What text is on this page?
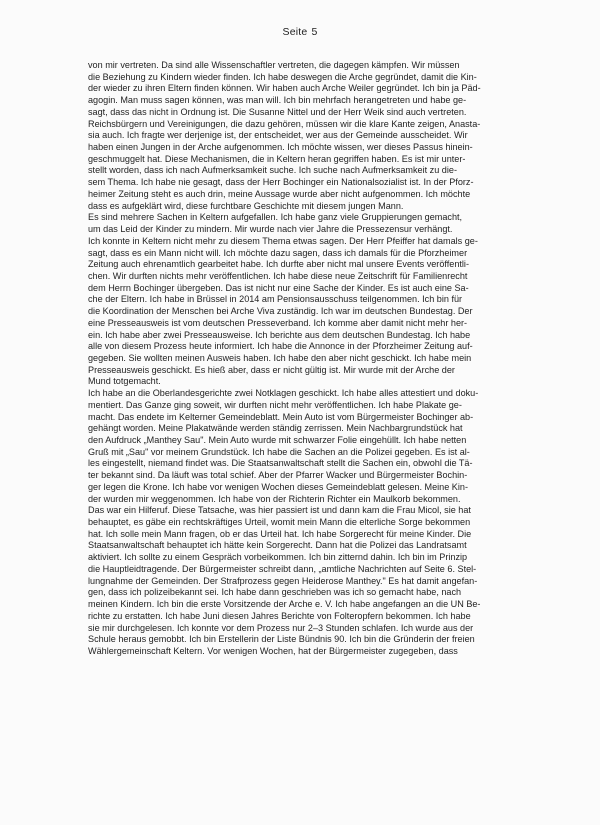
Seite 5
von mir vertreten. Da sind alle Wissenschaftler vertreten, die dagegen kämpfen. Wir müssen
die Beziehung zu Kindern wieder finden. Ich habe deswegen die Arche gegründet, damit die Kin-
der wieder zu ihren Eltern finden können. Wir haben auch Arche Weiler gegründet. Ich bin ja Päd-
agogin. Man muss sagen können, was man will. Ich bin mehrfach herangetreten und habe ge-
sagt, dass das nicht in Ordnung ist. Die Susanne Nittel und der Herr Weik sind auch vertreten.
Reichsbürgern und Vereinigungen, die dazu gehören, müssen wir die klare Kante zeigen, Anasta-
sia auch. Ich fragte wer derjenige ist, der entscheidet, wer aus der Gemeinde ausscheidet. Wir
haben einen Jungen in der Arche aufgenommen. Ich möchte wissen, wer dieses Passus hinein-
geschmuggelt hat. Diese Mechanismen, die in Keltern heran gegriffen haben. Es ist mir unter-
stellt worden, dass ich nach Aufmerksamkeit suche. Ich suche nach Aufmerksamkeit zu die-
sem Thema. Ich habe nie gesagt, dass der Herr Bochinger ein Nationalsozialist ist. In der Pforz-
heimer Zeitung steht es auch drin, meine Aussage wurde aber nicht aufgenommen. Ich möchte
dass es aufgeklärt wird, diese furchtbare Geschichte mit diesem jungen Mann.
Es sind mehrere Sachen in Keltern aufgefallen. Ich habe ganz viele Gruppierungen gemacht,
um das Leid der Kinder zu mindern. Mir wurde nach vier Jahre die Pressezensur verhängt.
Ich konnte in Keltern nicht mehr zu diesem Thema etwas sagen. Der Herr Pfeiffer hat damals ge-
sagt, dass es ein Mann nicht will. Ich möchte dazu sagen, dass ich damals für die Pforzheimer
Zeitung auch ehrenamtlich gearbeitet habe. Ich durfte aber nicht mal unsere Events veröffentli-
chen. Wir durften nichts mehr veröffentlichen. Ich habe diese neue Zeitschrift für Familienrecht
dem Herrn Bochinger übergeben. Das ist nicht nur eine Sache der Kinder. Es ist auch eine Sa-
che der Eltern. Ich habe in Brüssel in 2014 am Pensionsausschuss teilgenommen. Ich bin für
die Koordination der Menschen bei Arche Viva zuständig. Ich war im deutschen Bundestag. Der
eine Presseausweis ist vom deutschen Presseverband. Ich komme aber damit nicht mehr her-
ein. Ich habe aber zwei Presseausweise. Ich berichte aus dem deutschen Bundestag. Ich habe
alle von diesem Prozess heute informiert. Ich habe die Annonce in der Pforzheimer Zeitung auf-
gegeben. Sie wollten meinen Ausweis haben. Ich habe den aber nicht geschickt. Ich habe mein
Presseausweis geschickt. Es hieß aber, dass er nicht gültig ist. Mir wurde mit der Arche der
Mund totgemacht.
Ich habe an die Oberlandesgerichte zwei Notklagen geschickt. Ich habe alles attestiert und doku-
mentiert. Das Ganze ging soweit, wir durften nicht mehr veröffentlichen. Ich habe Plakate ge-
macht. Das endete im Kelterner Gemeindeblatt. Mein Auto ist vom Bürgermeister Bochinger ab-
gehängt worden. Meine Plakatwände werden ständig zerrissen. Mein Nachbargrundstück hat
den Aufdruck „Manthey Sau". Mein Auto wurde mit schwarzer Folie eingehüllt. Ich habe netten
Gruß mit „Sau" vor meinem Grundstück. Ich habe die Sachen an die Polizei gegeben. Es ist al-
les eingestellt, niemand findet was. Die Staatsanwaltschaft stellt die Sachen ein, obwohl die Tä-
ter bekannt sind. Da läuft was total schief. Aber der Pfarrer Wacker und Bürgermeister Bochin-
ger legen die Krone. Ich habe vor wenigen Wochen dieses Gemeindeblatt gelesen. Meine Kin-
der wurden mir weggenommen. Ich habe von der Richterin Richter ein Maulkorb bekommen.
Das war ein Hilferuf. Diese Tatsache, was hier passiert ist und dann kam die Frau Micol, sie hat
behauptet, es gäbe ein rechtskräftiges Urteil, womit mein Mann die elterliche Sorge bekommen
hat. Ich solle mein Mann fragen, ob er das Urteil hat. Ich habe Sorgerecht für meine Kinder. Die
Staatsanwaltschaft behauptet ich hätte kein Sorgerecht. Dann hat die Polizei das Landratsamt
aktiviert. Ich sollte zu einem Gespräch vorbeikommen. Ich bin zitternd dahin. Ich bin im Prinzip
die Hauptleidtragende. Der Bürgermeister schreibt dann, „amtliche Nachrichten auf Seite 6. Stel-
lungnahme der Gemeinden. Der Strafprozess gegen Heiderose Manthey." Es hat damit angefan-
gen, dass ich polizeibekannt sei. Ich habe dann geschrieben was ich so gemacht habe, nach
meinen Kindern. Ich bin die erste Vorsitzende der Arche e. V. Ich habe angefangen an die UN Be-
richte zu erstatten. Ich habe Juni diesen Jahres Berichte von Folteropfern bekommen. Ich habe
sie mir durchgelesen. Ich konnte vor dem Prozess nur 2–3 Stunden schlafen. Ich wurde aus der
Schule heraus gemobbt. Ich bin Erstellerin der Liste Bündnis 90. Ich bin die Gründerin der freien
Wählergemeinschaft Keltern. Vor wenigen Wochen, hat der Bürgermeister zugegeben, dass
